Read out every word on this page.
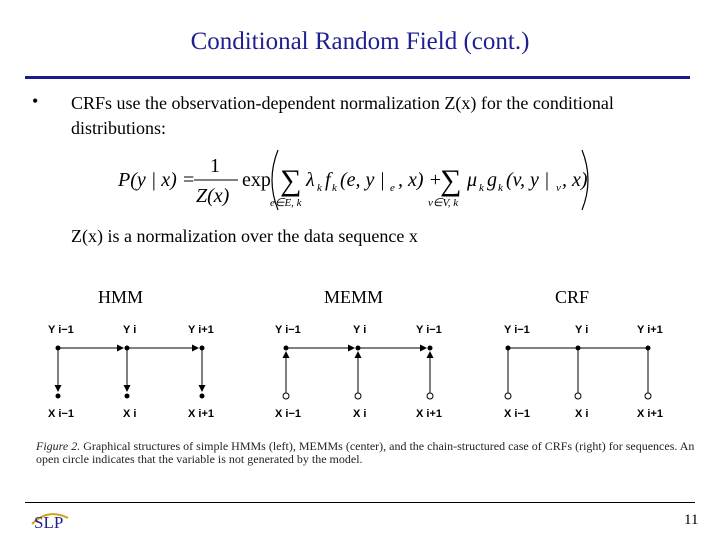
Conditional Random Field (cont.)
• CRFs use the observation-dependent normalization Z(x) for the conditional distributions:
P(y | x) =
1
Z(x)
exp ∑ λ k f k (e, y | e , x) +
∑ μ k g k (v, y | v , x)
e∈E, k	v∈V, k
Z(x) is a normalization over the data sequence x
HMM	MEMM	CRF
Y i−1	Y i	Y i+1
X i−1	X i	X i+1
Y i−1	Y i	Y i−1
X i−1	X i	X i+1
Y i−1	Y i	Y i+1
X i−1	X i	X i+1
Figure 2. Graphical structures of simple HMMs (left), MEMMs (center), and the chain-structured case of CRFs (right) for sequences. An open circle indicates that the variable is not generated by the model.
SLP	11
